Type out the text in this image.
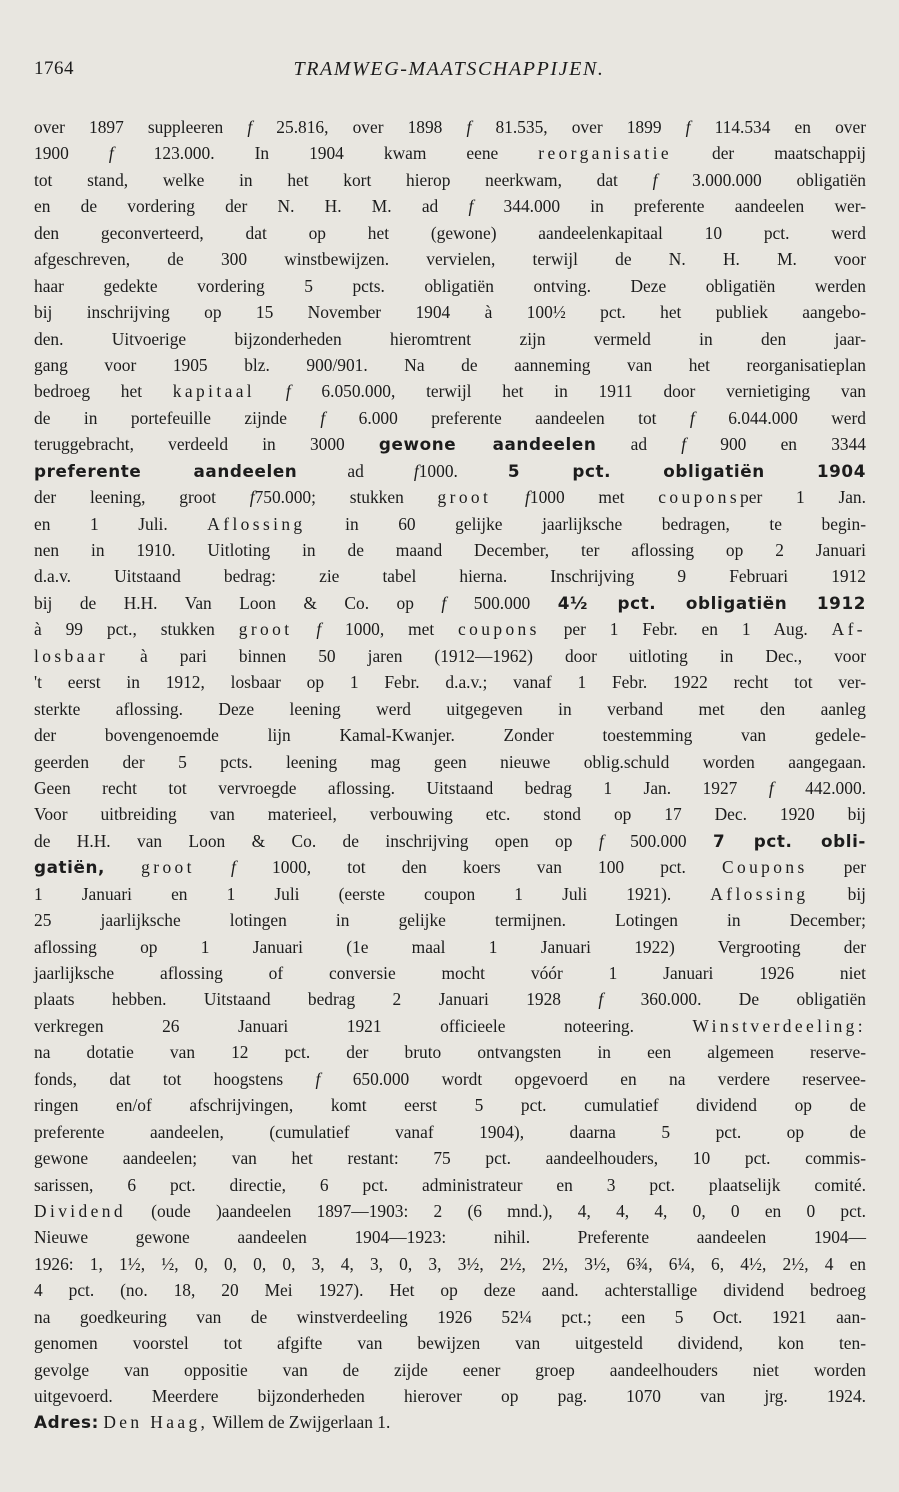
1764	TRAMWEG-MAATSCHAPPIJEN.
over 1897 suppleeren f 25.816, over 1898 f 81.535, over 1899 f 114.534 en over
1900 f 123.000. In 1904 kwam eene reorganisatie der maatschappij
tot stand, welke in het kort hierop neerkwam, dat f 3.000.000 obligatiën
en de vordering der N. H. M. ad f 344.000 in preferente aandeelen wer-
den geconverteerd, dat op het (gewone) aandeelenkapitaal 10 pct. werd
afgeschreven, de 300 winstbewijzen. vervielen, terwijl de N. H. M. voor
haar gedekte vordering 5 pcts. obligatiën ontving. Deze obligatiën werden
bij inschrijving op 15 November 1904 à 100½ pct. het publiek aangebo-
den. Uitvoerige bijzonderheden hieromtrent zijn vermeld in den jaar-
gang voor 1905 blz. 900/901. Na de aanneming van het reorganisatieplan
bedroeg het kapitaal f 6.050.000, terwijl het in 1911 door vernietiging van
de in portefeuille zijnde f 6.000 preferente aandeelen tot f 6.044.000 werd
teruggebracht, verdeeld in 3000 gewone aandeelen ad f 900 en 3344
preferente aandeelen ad f1000. 5 pct. obligatiën 1904
der leening, groot f750.000; stukken groot f1000 met couponsper 1 Jan.
en 1 Juli. Aflossing in 60 gelijke jaarlijksche bedragen, te begin-
nen in 1910. Uitloting in de maand December, ter aflossing op 2 Januari
d.a.v. Uitstaand bedrag: zie tabel hierna. Inschrijving 9 Februari 1912
bij de H.H. Van Loon & Co. op f 500.000 4½ pct. obligatiën 1912
à 99 pct., stukken groot f 1000, met coupons per 1 Febr. en 1 Aug. Af-
losbaar à pari binnen 50 jaren (1912—1962) door uitloting in Dec., voor
't eerst in 1912, losbaar op 1 Febr. d.a.v.; vanaf 1 Febr. 1922 recht tot ver-
sterkte aflossing. Deze leening werd uitgegeven in verband met den aanleg
der bovengenoemde lijn Kamal-Kwanjer. Zonder toestemming van gedele-
geerden der 5 pcts. leening mag geen nieuwe oblig.schuld worden aangegaan.
Geen recht tot vervroegde aflossing. Uitstaand bedrag 1 Jan. 1927 f 442.000.
Voor uitbreiding van materieel, verbouwing etc. stond op 17 Dec. 1920 bij
de H.H. van Loon & Co. de inschrijving open op f 500.000 7 pct. obli-
gatiën, groot f 1000, tot den koers van 100 pct. Coupons per
1 Januari en 1 Juli (eerste coupon 1 Juli 1921). Aflossing bij
25 jaarlijksche lotingen in gelijke termijnen. Lotingen in December;
aflossing op 1 Januari (1e maal 1 Januari 1922) Vergrooting der
jaarlijksche aflossing of conversie mocht vóór 1 Januari 1926 niet
plaats hebben. Uitstaand bedrag 2 Januari 1928 f 360.000. De obligatiën
verkregen 26 Januari 1921 officieele noteering. Winstverdeeling:
na dotatie van 12 pct. der bruto ontvangsten in een algemeen reserve-
fonds, dat tot hoogstens f 650.000 wordt opgevoerd en na verdere reservee-
ringen en/of afschrijvingen, komt eerst 5 pct. cumulatief dividend op de
preferente aandeelen, (cumulatief vanaf 1904), daarna 5 pct. op de
gewone aandeelen; van het restant: 75 pct. aandeelhouders, 10 pct. commis-
sarissen, 6 pct. directie, 6 pct. administrateur en 3 pct. plaatselijk comité.
Dividend (oude )aandeelen 1897—1903: 2 (6 mnd.), 4, 4, 4, 0, 0 en 0 pct.
Nieuwe gewone aandeelen 1904—1923: nihil. Preferente aandeelen 1904—
1926: 1, 1½, ½, 0, 0, 0, 0, 3, 4, 3, 0, 3, 3½, 2½, 2½, 3½, 6¾, 6¼, 6, 4½, 2½, 4 en
4 pct. (no. 18, 20 Mei 1927). Het op deze aand. achterstallige dividend bedroeg
na goedkeuring van de winstverdeeling 1926 52¼ pct.; een 5 Oct. 1921 aan-
genomen voorstel tot afgifte van bewijzen van uitgesteld dividend, kon ten-
gevolge van oppositie van de zijde eener groep aandeelhouders niet worden
uitgevoerd. Meerdere bijzonderheden hierover op pag. 1070 van jrg. 1924.
Adres: Den Haag, Willem de Zwijgerlaan 1.
